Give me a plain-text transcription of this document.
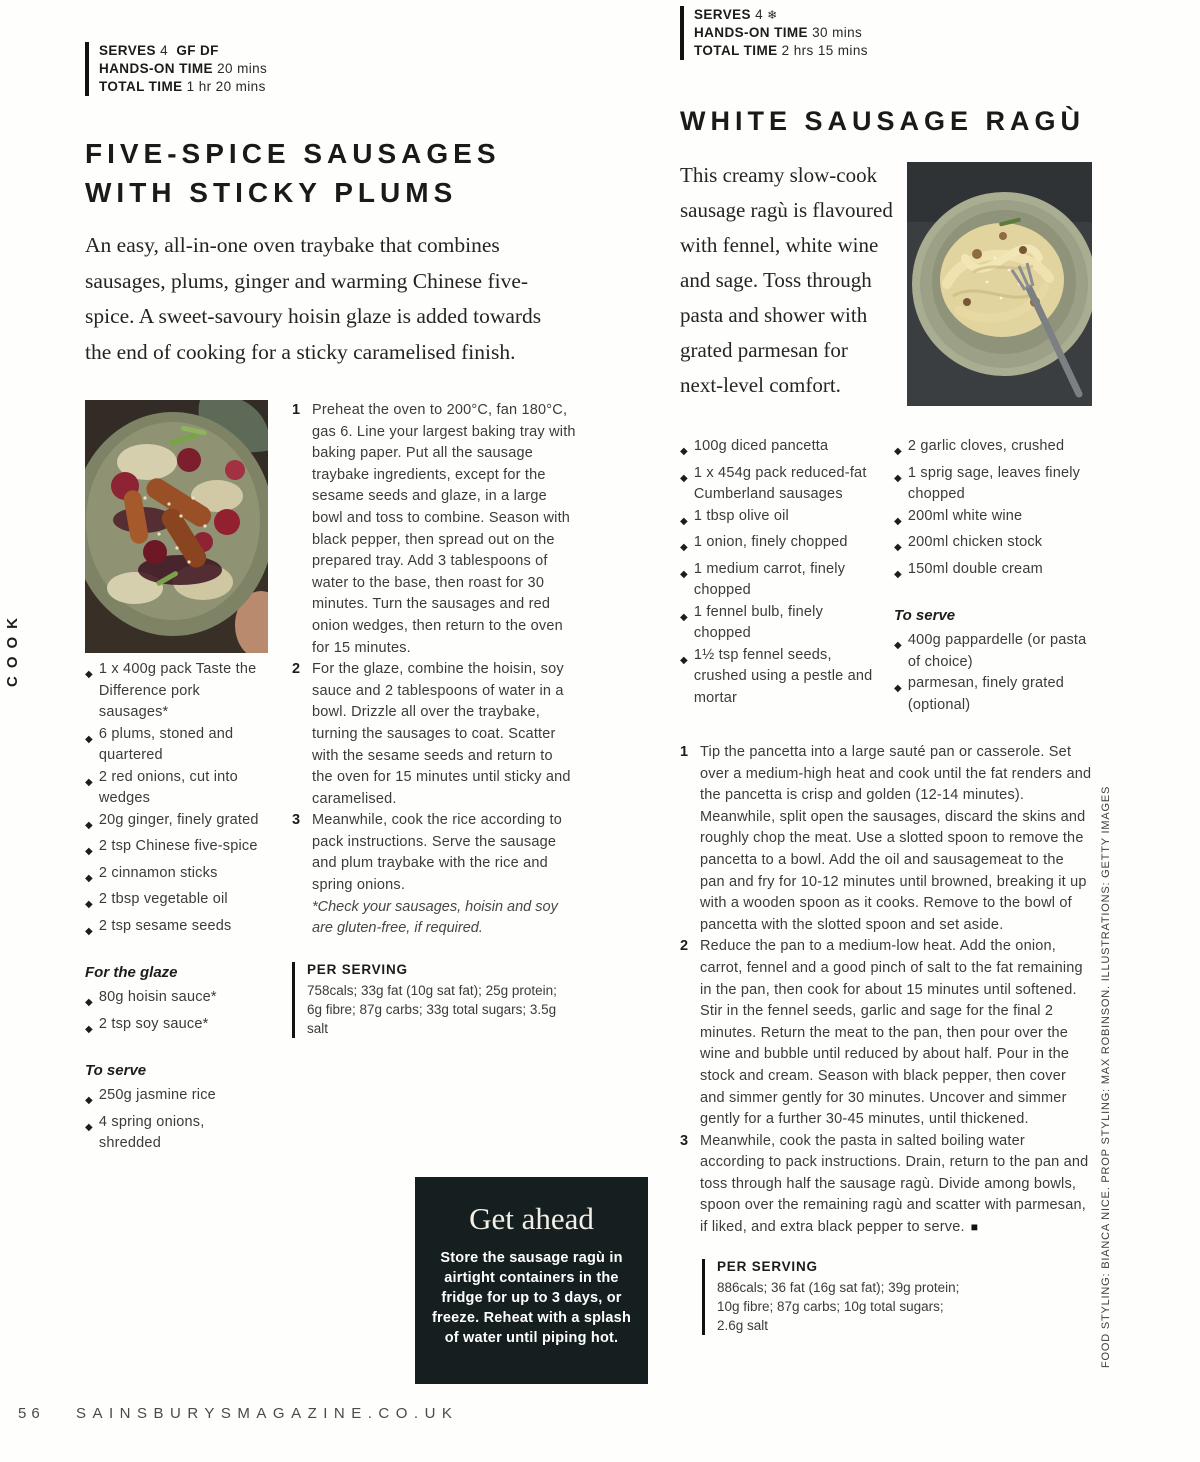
COOK
SERVES 4 GF DF
HANDS-ON TIME 20 mins
TOTAL TIME 1 hr 20 mins
FIVE-SPICE SAUSAGES WITH STICKY PLUMS
An easy, all-in-one oven traybake that combines sausages, plums, ginger and warming Chinese five-spice. A sweet-savoury hoisin glaze is added towards the end of cooking for a sticky caramelised finish.
◆ 1 x 400g pack Taste the Difference pork sausages*
◆ 6 plums, stoned and quartered
◆ 2 red onions, cut into wedges
◆ 20g ginger, finely grated
◆ 2 tsp Chinese five-spice
◆ 2 cinnamon sticks
◆ 2 tbsp vegetable oil
◆ 2 tsp sesame seeds
For the glaze
◆ 80g hoisin sauce*
◆ 2 tsp soy sauce*
To serve
◆ 250g jasmine rice
◆ 4 spring onions, shredded
1 Preheat the oven to 200°C, fan 180°C, gas 6. Line your largest baking tray with baking paper. Put all the sausage traybake ingredients, except for the sesame seeds and glaze, in a large bowl and toss to combine. Season with black pepper, then spread out on the prepared tray. Add 3 tablespoons of water to the base, then roast for 30 minutes. Turn the sausages and red onion wedges, then return to the oven for 15 minutes.
2 For the glaze, combine the hoisin, soy sauce and 2 tablespoons of water in a bowl. Drizzle all over the traybake, turning the sausages to coat. Scatter with the sesame seeds and return to the oven for 15 minutes until sticky and caramelised.
3 Meanwhile, cook the rice according to pack instructions. Serve the sausage and plum traybake with the rice and spring onions.
*Check your sausages, hoisin and soy are gluten-free, if required.
PER SERVING
758cals; 33g fat (10g sat fat); 25g protein; 6g fibre; 87g carbs; 33g total sugars; 3.5g salt
SERVES 4 ❄
HANDS-ON TIME 30 mins
TOTAL TIME 2 hrs 15 mins
WHITE SAUSAGE RAGÙ
This creamy slow-cook sausage ragù is flavoured with fennel, white wine and sage. Toss through pasta and shower with grated parmesan for next-level comfort.
◆ 100g diced pancetta
◆ 1 x 454g pack reduced-fat Cumberland sausages
◆ 1 tbsp olive oil
◆ 1 onion, finely chopped
◆ 1 medium carrot, finely chopped
◆ 1 fennel bulb, finely chopped
◆ 1½ tsp fennel seeds, crushed using a pestle and mortar
◆ 2 garlic cloves, crushed
◆ 1 sprig sage, leaves finely chopped
◆ 200ml white wine
◆ 200ml chicken stock
◆ 150ml double cream
To serve
◆ 400g pappardelle (or pasta of choice)
◆ parmesan, finely grated (optional)
1 Tip the pancetta into a large sauté pan or casserole. Set over a medium-high heat and cook until the fat renders and the pancetta is crisp and golden (12-14 minutes). Meanwhile, split open the sausages, discard the skins and roughly chop the meat. Use a slotted spoon to remove the pancetta to a bowl. Add the oil and sausagemeat to the pan and fry for 10-12 minutes until browned, breaking it up with a wooden spoon as it cooks. Remove to the bowl of pancetta with the slotted spoon and set aside.
2 Reduce the pan to a medium-low heat. Add the onion, carrot, fennel and a good pinch of salt to the fat remaining in the pan, then cook for about 15 minutes until softened. Stir in the fennel seeds, garlic and sage for the final 2 minutes. Return the meat to the pan, then pour over the wine and bubble until reduced by about half. Pour in the stock and cream. Season with black pepper, then cover and simmer gently for 30 minutes. Uncover and simmer gently for a further 30-45 minutes, until thickened.
3 Meanwhile, cook the pasta in salted boiling water according to pack instructions. Drain, return to the pan and toss through half the sausage ragù. Divide among bowls, spoon over the remaining ragù and scatter with parmesan, if liked, and extra black pepper to serve. ■
PER SERVING
886cals; 36 fat (16g sat fat); 39g protein; 10g fibre; 87g carbs; 10g total sugars; 2.6g salt
Get ahead
Store the sausage ragù in airtight containers in the fridge for up to 3 days, or freeze. Reheat with a splash of water until piping hot.	FOOD STYLING: BIANCA NICE. PROP STYLING: MAX ROBINSON. ILLUSTRATIONS: GETTY IMAGES
56 SAINSBURYSMAGAZINE.CO.UK
